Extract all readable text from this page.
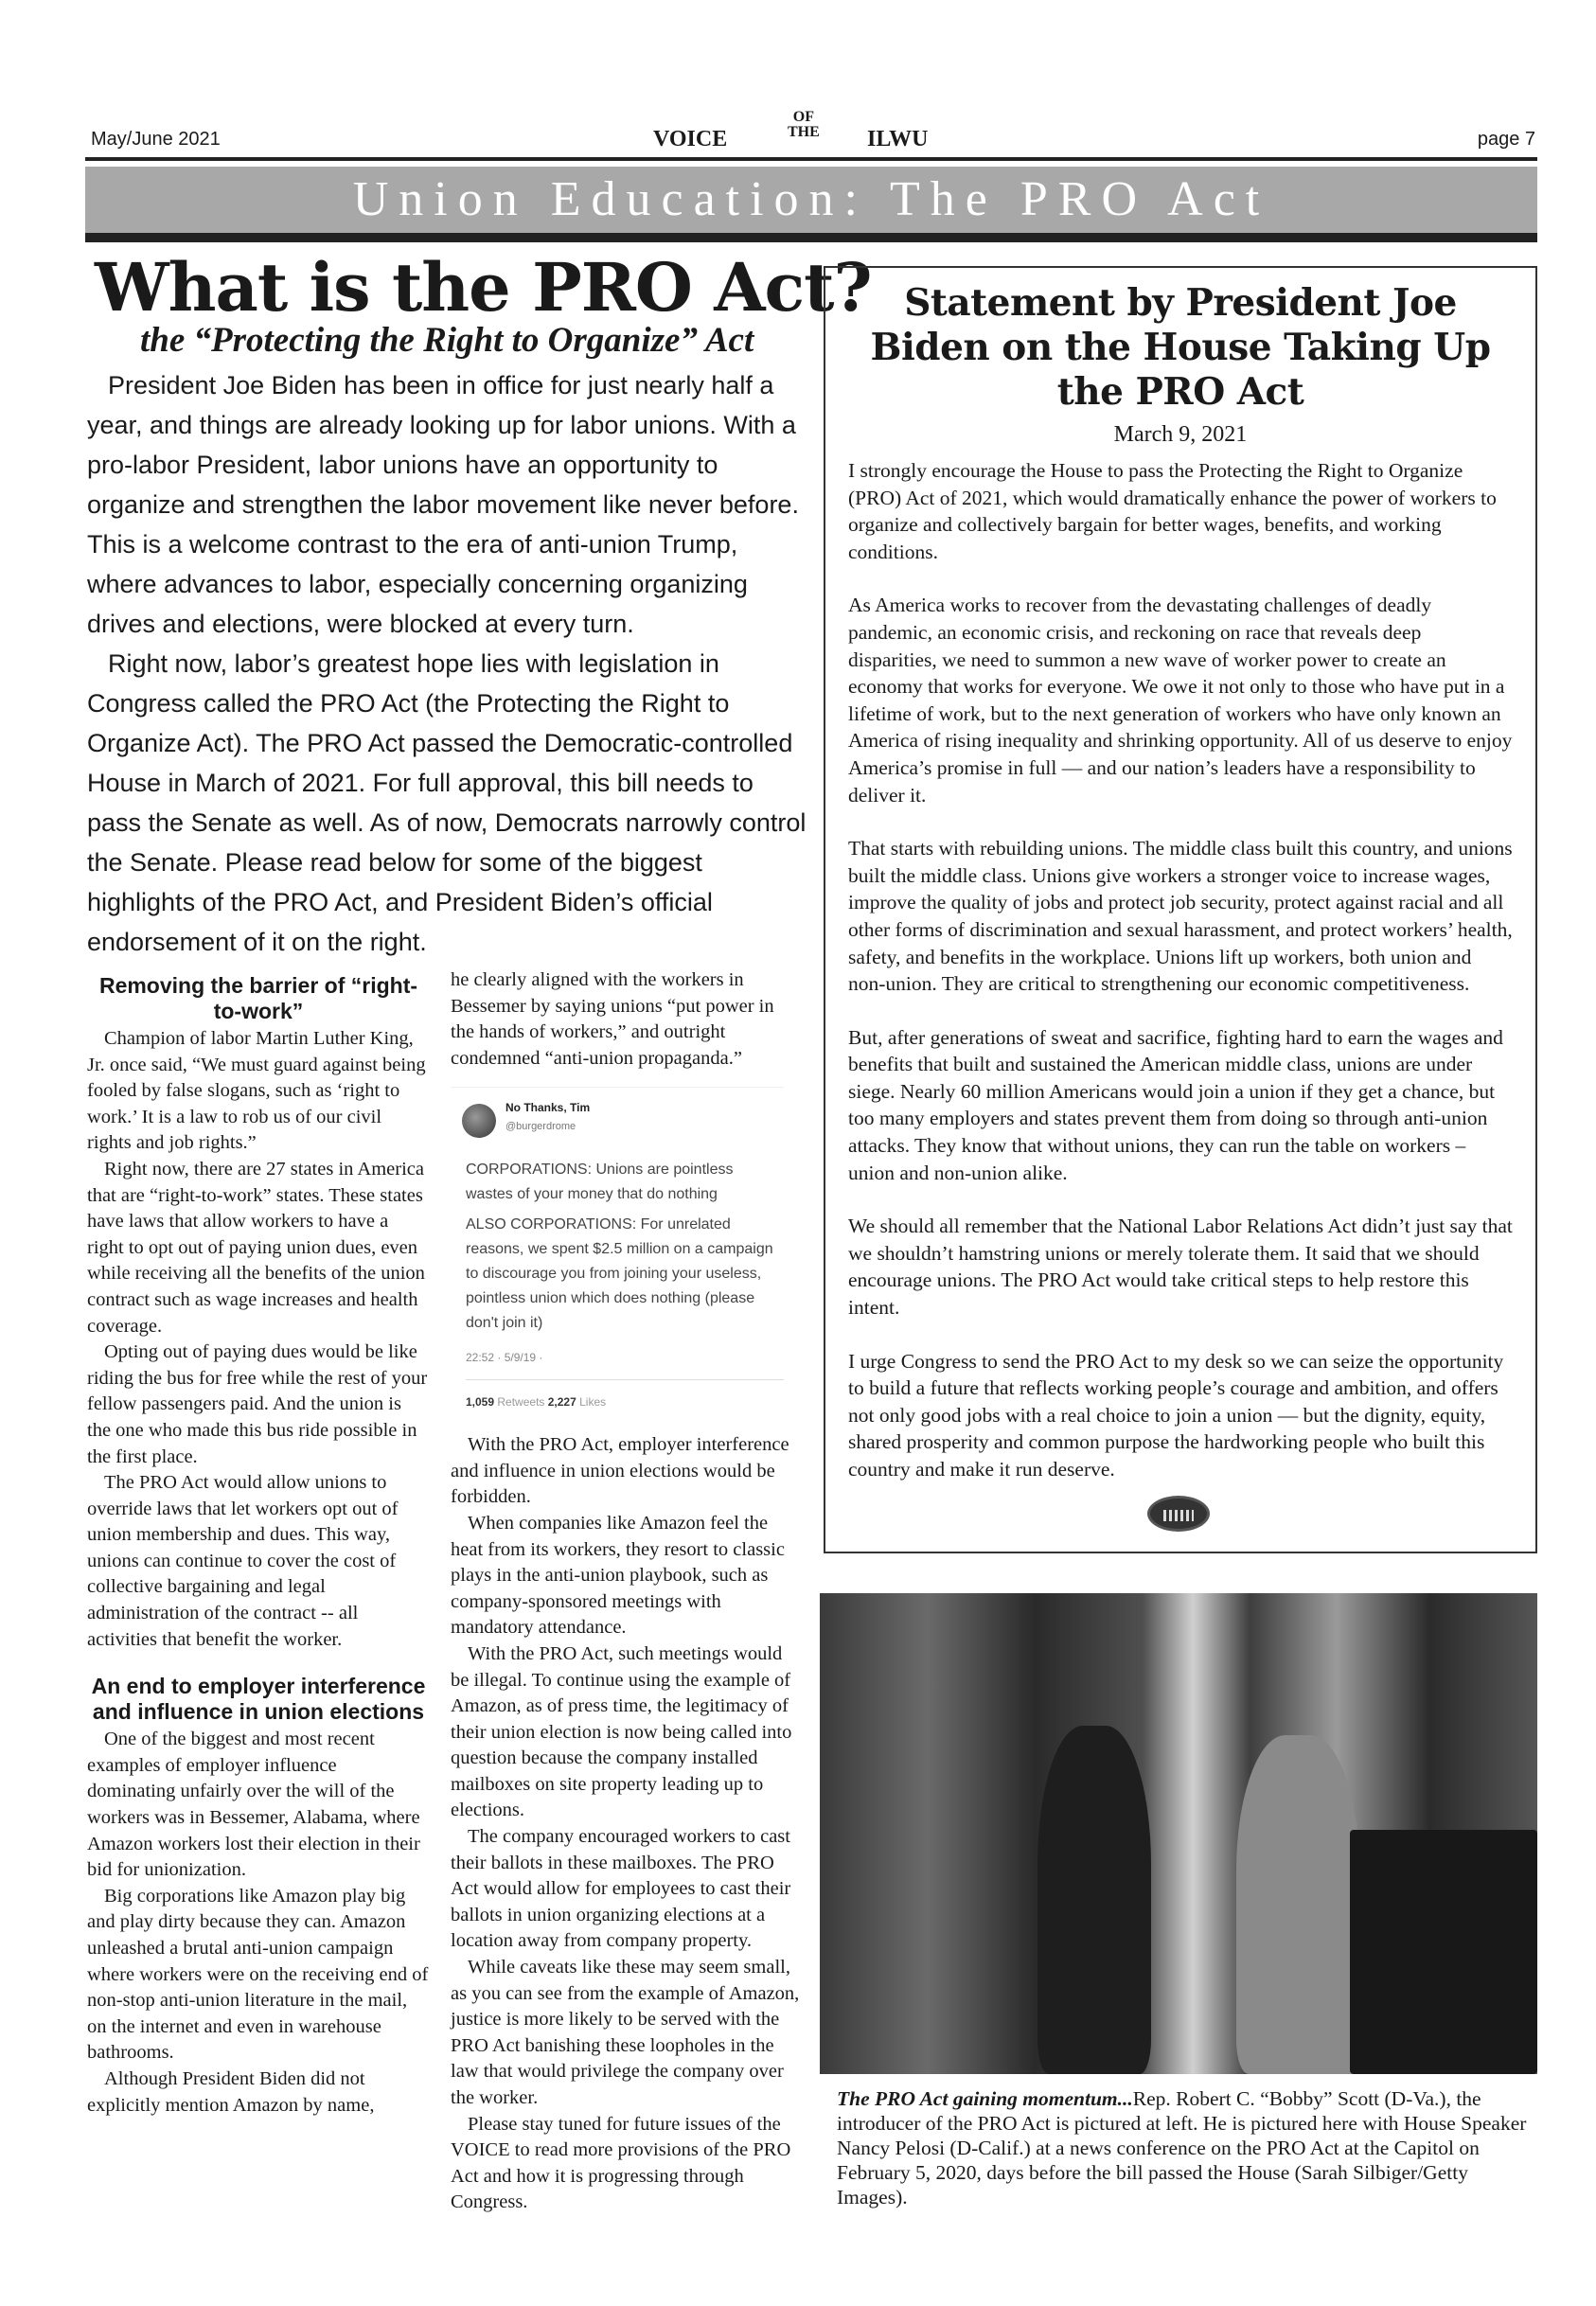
May/June 2021	VOICE
OF
THE ILWU	page 7
Union Education: The PRO Act
What is the PRO Act?
the “Protecting the Right to Organize” Act

President Joe Biden has been in office for just nearly half a year, and things are already looking up for labor unions. With a pro-labor President, labor unions have an opportunity to organize and strengthen the labor movement like never before. This is a welcome contrast to the era of anti-union Trump, where advances to labor, especially concerning organizing drives and elections, were blocked at every turn.

Right now, labor’s greatest hope lies with legislation in Congress called the PRO Act (the Protecting the Right to Organize Act). The PRO Act passed the Democratic-controlled House in March of 2021. For full approval, this bill needs to pass the Senate as well. As of now, Democrats narrowly control the Senate. Please read below for some of the biggest highlights of the PRO Act, and President Biden’s official endorsement of it on the right.

Removing the barrier of “right-to-work”

Champion of labor Martin Luther King, Jr. once said, “We must guard against being fooled by false slogans, such as ‘right to work.’ It is a law to rob us of our civil rights and job rights.”

Right now, there are 27 states in America that are “right-to-work” states. These states have laws that allow workers to have a right to opt out of paying union dues, even while receiving all the benefits of the union contract such as wage increases and health coverage.

Opting out of paying dues would be like riding the bus for free while the rest of your fellow passengers paid. And the union is the one who made this bus ride possible in the first place.

The PRO Act would allow unions to override laws that let workers opt out of union membership and dues. This way, unions can continue to cover the cost of collective bargaining and legal administration of the contract -- all activities that benefit the worker.

An end to employer interference and influence in union elections

One of the biggest and most recent examples of employer influence dominating unfairly over the will of the workers was in Bessemer, Alabama, where Amazon workers lost their election in their bid for unionization.

Big corporations like Amazon play big and play dirty because they can. Amazon unleashed a brutal anti-union campaign where workers were on the receiving end of non-stop anti-union literature in the mail, on the internet and even in warehouse bathrooms.

Although President Biden did not explicitly mention Amazon by name,

he clearly aligned with the workers in Bessemer by saying unions “put power in the hands of workers,” and outright condemned “anti-union propaganda.”

No Thanks, Tim
@burgerdrome
CORPORATIONS: Unions are pointless wastes of your money that do nothing
ALSO CORPORATIONS: For unrelated reasons, we spent $2.5 million on a campaign to discourage you from joining your useless, pointless union which does nothing (please don't join it)
22:52 · 5/9/19 ·
1,059 Retweets 2,227 Likes

With the PRO Act, employer interference and influence in union elections would be forbidden.

When companies like Amazon feel the heat from its workers, they resort to classic plays in the anti-union playbook, such as company-sponsored meetings with mandatory attendance.

With the PRO Act, such meetings would be illegal. To continue using the example of Amazon, as of press time, the legitimacy of their union election is now being called into question because the company installed mailboxes on site property leading up to elections.

The company encouraged workers to cast their ballots in these mailboxes. The PRO Act would allow for employees to cast their ballots in union organizing elections at a location away from company property.

While caveats like these may seem small, as you can see from the example of Amazon, justice is more likely to be served with the PRO Act banishing these loopholes in the law that would privilege the company over the worker.

Please stay tuned for future issues of the VOICE to read more provisions of the PRO Act and how it is progressing through Congress.

Statement by President Joe Biden on the House Taking Up the PRO Act
March 9, 2021

I strongly encourage the House to pass the Protecting the Right to Organize (PRO) Act of 2021, which would dramatically enhance the power of workers to organize and collectively bargain for better wages, benefits, and working conditions.

As America works to recover from the devastating challenges of deadly pandemic, an economic crisis, and reckoning on race that reveals deep disparities, we need to summon a new wave of worker power to create an economy that works for everyone. We owe it not only to those who have put in a lifetime of work, but to the next generation of workers who have only known an America of rising inequality and shrinking opportunity. All of us deserve to enjoy America’s promise in full — and our nation’s leaders have a responsibility to deliver it.

That starts with rebuilding unions. The middle class built this country, and unions built the middle class. Unions give workers a stronger voice to increase wages, improve the quality of jobs and protect job security, protect against racial and all other forms of discrimination and sexual harassment, and protect workers’ health, safety, and benefits in the workplace. Unions lift up workers, both union and non-union. They are critical to strengthening our economic competitiveness.

But, after generations of sweat and sacrifice, fighting hard to earn the wages and benefits that built and sustained the American middle class, unions are under siege. Nearly 60 million Americans would join a union if they get a chance, but too many employers and states prevent them from doing so through anti-union attacks. They know that without unions, they can run the table on workers – union and non-union alike.

We should all remember that the National Labor Relations Act didn’t just say that we shouldn’t hamstring unions or merely tolerate them. It said that we should encourage unions. The PRO Act would take critical steps to help restore this intent.

I urge Congress to send the PRO Act to my desk so we can seize the opportunity to build a future that reflects working people’s courage and ambition, and offers not only good jobs with a real choice to join a union — but the dignity, equity, shared prosperity and common purpose the hardworking people who built this country and make it run deserve.

The PRO Act gaining momentum...Rep. Robert C. “Bobby” Scott (D-Va.), the introducer of the PRO Act is pictured at left. He is pictured here with House Speaker Nancy Pelosi (D-Calif.) at a news conference on the PRO Act at the Capitol on February 5, 2020, days before the bill passed the House (Sarah Silbiger/Getty Images).
